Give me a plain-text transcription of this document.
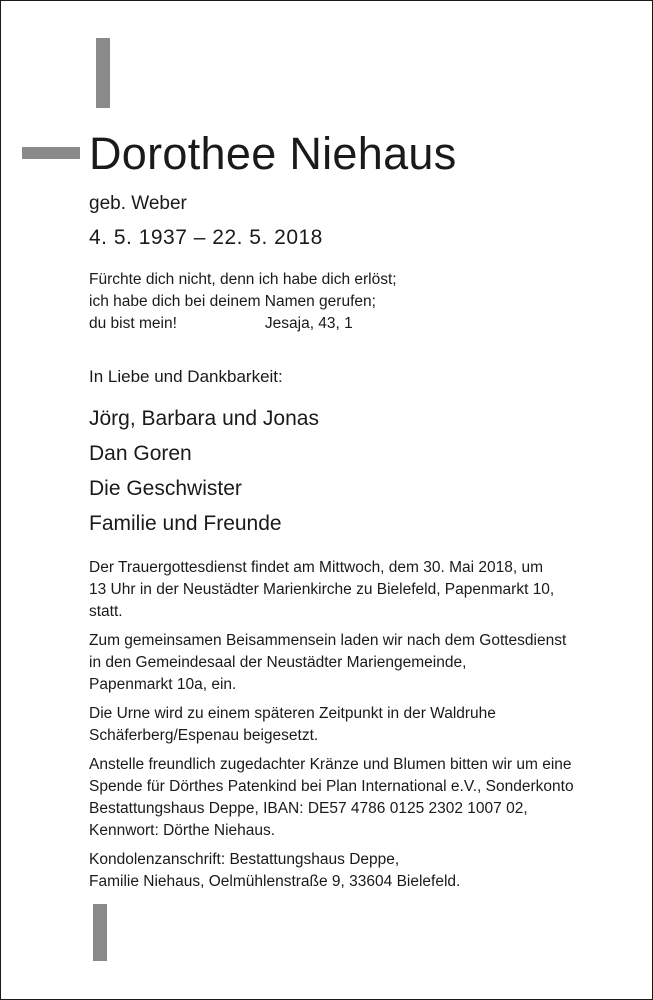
Dorothee Niehaus
geb. Weber
4. 5. 1937 – 22. 5. 2018
Fürchte dich nicht, denn ich habe dich erlöst;
ich habe dich bei deinem Namen gerufen;
du bist mein!	Jesaja, 43, 1
In Liebe und Dankbarkeit:
Jörg, Barbara und Jonas
Dan Goren
Die Geschwister
Familie und Freunde
Der Trauergottesdienst findet am Mittwoch, dem 30. Mai 2018, um
13 Uhr in der Neustädter Marienkirche zu Bielefeld, Papenmarkt 10,
statt.
Zum gemeinsamen Beisammensein laden wir nach dem Gottesdienst
in den Gemeindesaal der Neustädter Mariengemeinde,
Papenmarkt 10a, ein.
Die Urne wird zu einem späteren Zeitpunkt in der Waldruhe
Schäferberg/Espenau beigesetzt.
Anstelle freundlich zugedachter Kränze und Blumen bitten wir um eine
Spende für Dörthes Patenkind bei Plan International e.V., Sonderkonto
Bestattungshaus Deppe, IBAN: DE57 4786 0125 2302 1007 02,
Kennwort: Dörthe Niehaus.
Kondolenzanschrift: Bestattungshaus Deppe,
Familie Niehaus, Oelmühlenstraße 9, 33604 Bielefeld.
